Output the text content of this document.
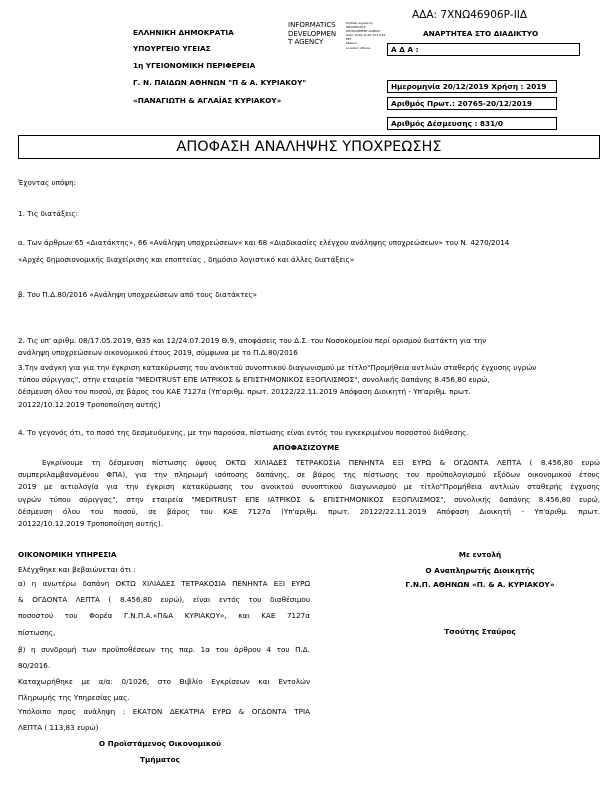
ΕΛΛΗΝΙΚΗ ΔΗΜΟΚΡΑΤΙΑ
ΥΠΟΥΡΓΕΙΟ ΥΓΕΙΑΣ
1η ΥΓΕΙΟΝΟΜΙΚΗ ΠΕΡΙΦΕΡΕΙΑ
Γ. Ν. ΠΑΙΔΩΝ ΑΘΗΝΩΝ "Π & Α. ΚΥΡΙΑΚΟΥ"
«ΠΑΝΑΓΙΩΤΗ & ΑΓΛΑΪΑΣ ΚΥΡΙΑΚΟΥ»
INFORMATICS
DEVELOPMEN
T AGENCY
Digitally signed by
INFORMATICS
DEVELOPMENT AGENCY
Date: 2019.12.20 15:19:44
EET
Reason:
Location: Athens
ΑΔΑ: 7ΧΝΩ46906Ρ-ΙΙΔ
ΑΝΑΡΤΗΤΕΑ ΣΤΟ ΔΙΑΔΙΚΤΥΟ
Α Δ Α :
Ημερομηνία 20/12/2019 Χρήση : 2019
Αριθμός Πρωτ.: 20765-20/12/2019
Αριθμός Δέσμευσης : 831/0
ΑΠΟΦΑΣΗ ΑΝΑΛΗΨΗΣ ΥΠΟΧΡΕΩΣΗΣ
Έχοντας υπόψη:
1. Τις διατάξεις:
α. Των άρθρων 65 «Διατάκτης», 66 «Ανάληψη υποχρεώσεων» και 68 «Διαδικασίες ελέγχου ανάληψης υποχρεώσεων» του Ν. 4270/2014
«Αρχές δημοσιονομικής διαχείρισης και εποπτείας , δημόσιο λογιστικό και άλλες διατάξεις»
β. Του Π.Δ.80/2016 «Ανάληψη υποχρεώσεων από τους διατάκτες»
2. Τις υπ' αριθμ. 08/17.05.2019, Θ35 και 12/24.07.2019 Θ.9, αποφάσεις του Δ.Σ. του Νοσοκομείου περί ορισμού διατάκτη για την
ανάληψη υποχρεώσεων οικονομικού έτους 2019, σύμφωνα με το Π.Δ.80/2016
3.Την ανάγκη για για την έγκριση κατακύρωσης του ανοικτού συνοπτικού διαγωνισμού με τίτλο"Προμήθεια αντλιών σταθερής έγχυσης υγρών
τύπου σύριγγας", στην εταιρεία "MEDITRUST ΕΠΕ ΙΑΤΡΙΚΟΣ & ΕΠΙΣΤΗΜΟΝΙΚΟΣ ΕΞΟΠΛΙΣΜΟΣ", συνολικής δαπάνης 8.456,80 ευρώ,
δέσμευση όλου του ποσού, σε βάρος του ΚΑΕ 7127α (Υπ'αριθμ. πρωτ. 20122/22.11.2019 Απόφαση Διοικητή - Υπ'αριθμ. πρωτ.
20122/10.12.2019 Τροποποίηση αυτής)
4. Το γεγονός ότι, το ποσό της δεσμευόμενης, με την παρούσα, πίστωσης είναι εντός του εγκεκριμένου ποσοστού διάθεσης.
ΑΠΟΦΑΣΙΖΟΥΜΕ
Εγκρίνουμε τη δέσμευση πίστωσης ύψους ΟΚΤΩ ΧΙΛΙΑΔΕΣ ΤΕΤΡΑΚΟΣΙΑ ΠΕΝΗΝΤΑ ΕΞΙ ΕΥΡΩ & ΟΓΔΟΝΤΑ ΛΕΠΤΑ ( 8.456,80 ευρώ
συμπεριλαμβανομένου ΦΠΑ), για την πληρωμή ισόποσης δαπάνης, σε βάρος της πίστωσης του προϋπολογισμού εξόδων οικονομικού έτους
2019 με αιτιολογία για την έγκριση κατακύρωσης του ανοικτού συνοπτικού διαγωνισμού με τίτλο"Προμήθεια αντλιών σταθερής έγχυσης
υγρών τύπου σύριγγας", στην εταιρεία "MEDITRUST ΕΠΕ ΙΑΤΡΙΚΟΣ & ΕΠΙΣΤΗΜΟΝΙΚΟΣ ΕΞΟΠΛΙΣΜΟΣ", συνολικής δαπάνης 8.456,80 ευρώ,
δέσμευση όλου του ποσού, σε βάρος του ΚΑΕ 7127α (Υπ'αριθμ. πρωτ. 20122/22.11.2019 Απόφαση Διοικητή - Υπ'αριθμ. πρωτ.
20122/10.12.2019 Τροποποίηση αυτής).
ΟΙΚΟΝΟΜΙΚΗ ΥΠΗΡΕΣΙΑ
Ελέγχθηκε και βεβαιώνεται ότι :
α) η ανωτέρω δαπάνη ΟΚΤΩ ΧΙΛΙΑΔΕΣ ΤΕΤΡΑΚΟΣΙΑ ΠΕΝΗΝΤΑ ΕΞΙ ΕΥΡΩ
& ΟΓΔΟΝΤΑ ΛΕΠΤΑ ( 8.456,80 ευρώ), είναι εντός του διαθέσιμου
ποσοστού του Φορέα Γ.Ν.Π.Α.«Π&Α ΚΥΡΙΑΚΟΥ», και ΚΑΕ 7127α
πίστωσης,
β) η συνδρομή των προϋποθέσεων της παρ. 1α του άρθρου 4 του Π.Δ.
80/2016.
Καταχωρήθηκε με α/α: 0/1026, στο Βιβλίο Εγκρίσεων και Εντολών
Πληρωμής της Υπηρεσίας μας.
Υπόλοιπο προς ανάληψη : ΕΚΑΤΟΝ ΔΕΚΑΤΡΙΑ ΕΥΡΩ & ΟΓΔΟΝΤΑ ΤΡΙΑ
ΛΕΠΤΑ ( 113,83 ευρώ)
Ο Προϊστάμενος Οικονομικού
Τμήματος
Με εντολή
Ο Αναπληρωτής Διοικητής
Γ.Ν.Π. ΑΘΗΝΩΝ «Π. & Α. ΚΥΡΙΑΚΟΥ»
Τσούτης Σταύρος
